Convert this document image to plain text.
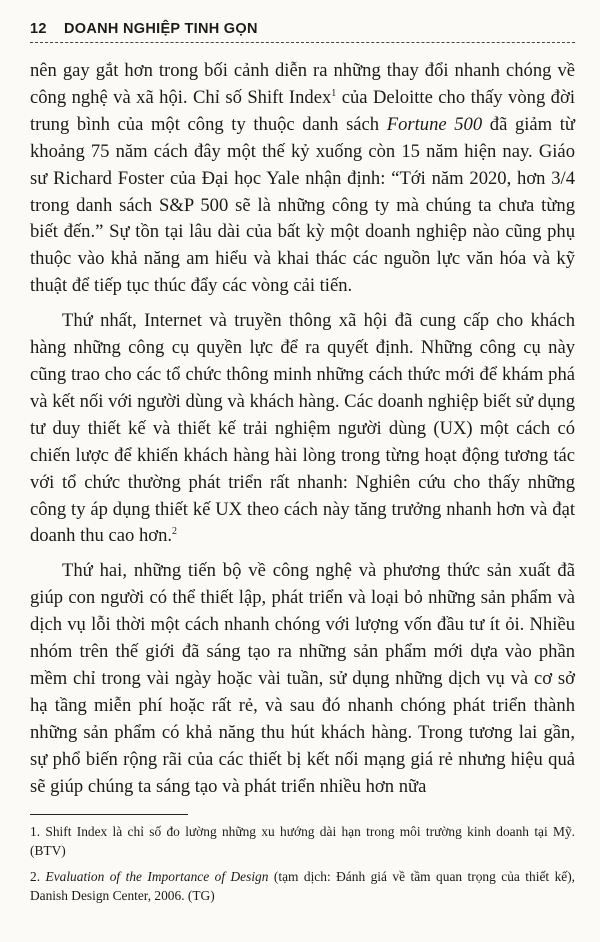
12 DOANH NGHIỆP TINH GỌN

nên gay gắt hơn trong bối cảnh diễn ra những thay đổi nhanh chóng về công nghệ và xã hội. Chỉ số Shift Index$^1$ của Deloitte cho thấy vòng đời trung bình của một công ty thuộc danh sách Fortune 500 đã giảm từ khoảng 75 năm cách đây một thế kỷ xuống còn 15 năm hiện nay. Giáo sư Richard Foster của Đại học Yale nhận định: “Tới năm 2020, hơn 3/4 trong danh sách S&P 500 sẽ là những công ty mà chúng ta chưa từng biết đến.” Sự tồn tại lâu dài của bất kỳ một doanh nghiệp nào cũng phụ thuộc vào khả năng am hiểu và khai thác các nguồn lực văn hóa và kỹ thuật để tiếp tục thúc đẩy các vòng cải tiến.

Thứ nhất, Internet và truyền thông xã hội đã cung cấp cho khách hàng những công cụ quyền lực để ra quyết định. Những công cụ này cũng trao cho các tổ chức thông minh những cách thức mới để khám phá và kết nối với người dùng và khách hàng. Các doanh nghiệp biết sử dụng tư duy thiết kế và thiết kế trải nghiệm người dùng (UX) một cách có chiến lược để khiến khách hàng hài lòng trong từng hoạt động tương tác với tổ chức thường phát triển rất nhanh: Nghiên cứu cho thấy những công ty áp dụng thiết kế UX theo cách này tăng trưởng nhanh hơn và đạt doanh thu cao hơn.$^2$

Thứ hai, những tiến bộ về công nghệ và phương thức sản xuất đã giúp con người có thể thiết lập, phát triển và loại bỏ những sản phẩm và dịch vụ lỗi thời một cách nhanh chóng với lượng vốn đầu tư ít ỏi. Nhiều nhóm trên thế giới đã sáng tạo ra những sản phẩm mới dựa vào phần mềm chỉ trong vài ngày hoặc vài tuần, sử dụng những dịch vụ và cơ sở hạ tầng miễn phí hoặc rất rẻ, và sau đó nhanh chóng phát triển thành những sản phẩm có khả năng thu hút khách hàng. Trong tương lai gần, sự phổ biến rộng rãi của các thiết bị kết nối mạng giá rẻ nhưng hiệu quả sẽ giúp chúng ta sáng tạo và phát triển nhiều hơn nữa

1. Shift Index là chỉ số đo lường những xu hướng dài hạn trong môi trường kinh doanh tại Mỹ. (BTV)

2. Evaluation of the Importance of Design (tạm dịch: Đánh giá về tầm quan trọng của thiết kế), Danish Design Center, 2006. (TG)
